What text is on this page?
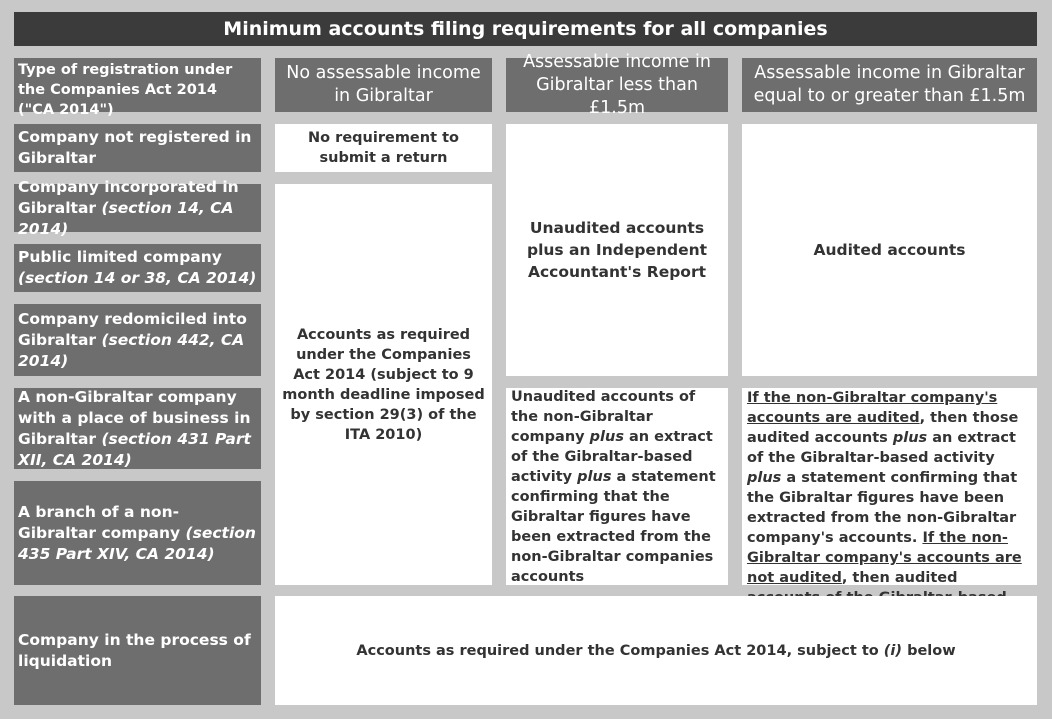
Minimum accounts filing requirements for all companies
Type of registration under the Companies Act 2014 ("CA 2014")
No assessable income in Gibraltar
Assessable income in Gibraltar less than £1.5m
Assessable income in Gibraltar equal to or greater than £1.5m
Company not registered in Gibraltar
Company incorporated in Gibraltar (section 14, CA 2014)
Public limited company (section 14 or 38, CA 2014)
Company redomiciled into Gibraltar (section 442, CA 2014)
A non-Gibraltar company with a place of business in Gibraltar (section 431 Part XII, CA 2014)
A branch of a non-Gibraltar company (section 435 Part XIV, CA 2014)
Company in the process of liquidation
No requirement to submit a return
Accounts as required under the Companies Act 2014 (subject to 9 month deadline imposed by section 29(3) of the ITA 2010)
Unaudited accounts plus an Independent Accountant's Report
Audited accounts
Unaudited accounts of the non-Gibraltar company plus an extract of the Gibraltar-based activity plus a statement confirming that the Gibraltar figures have been extracted from the non-Gibraltar companies accounts
If the non-Gibraltar company's accounts are audited, then those audited accounts plus an extract of the Gibraltar-based activity plus a statement confirming that the Gibraltar figures have been extracted from the non-Gibraltar company's accounts. If the non-Gibraltar company's accounts are not audited, then audited
Accounts as required under the Companies Act 2014, subject to (i) below
